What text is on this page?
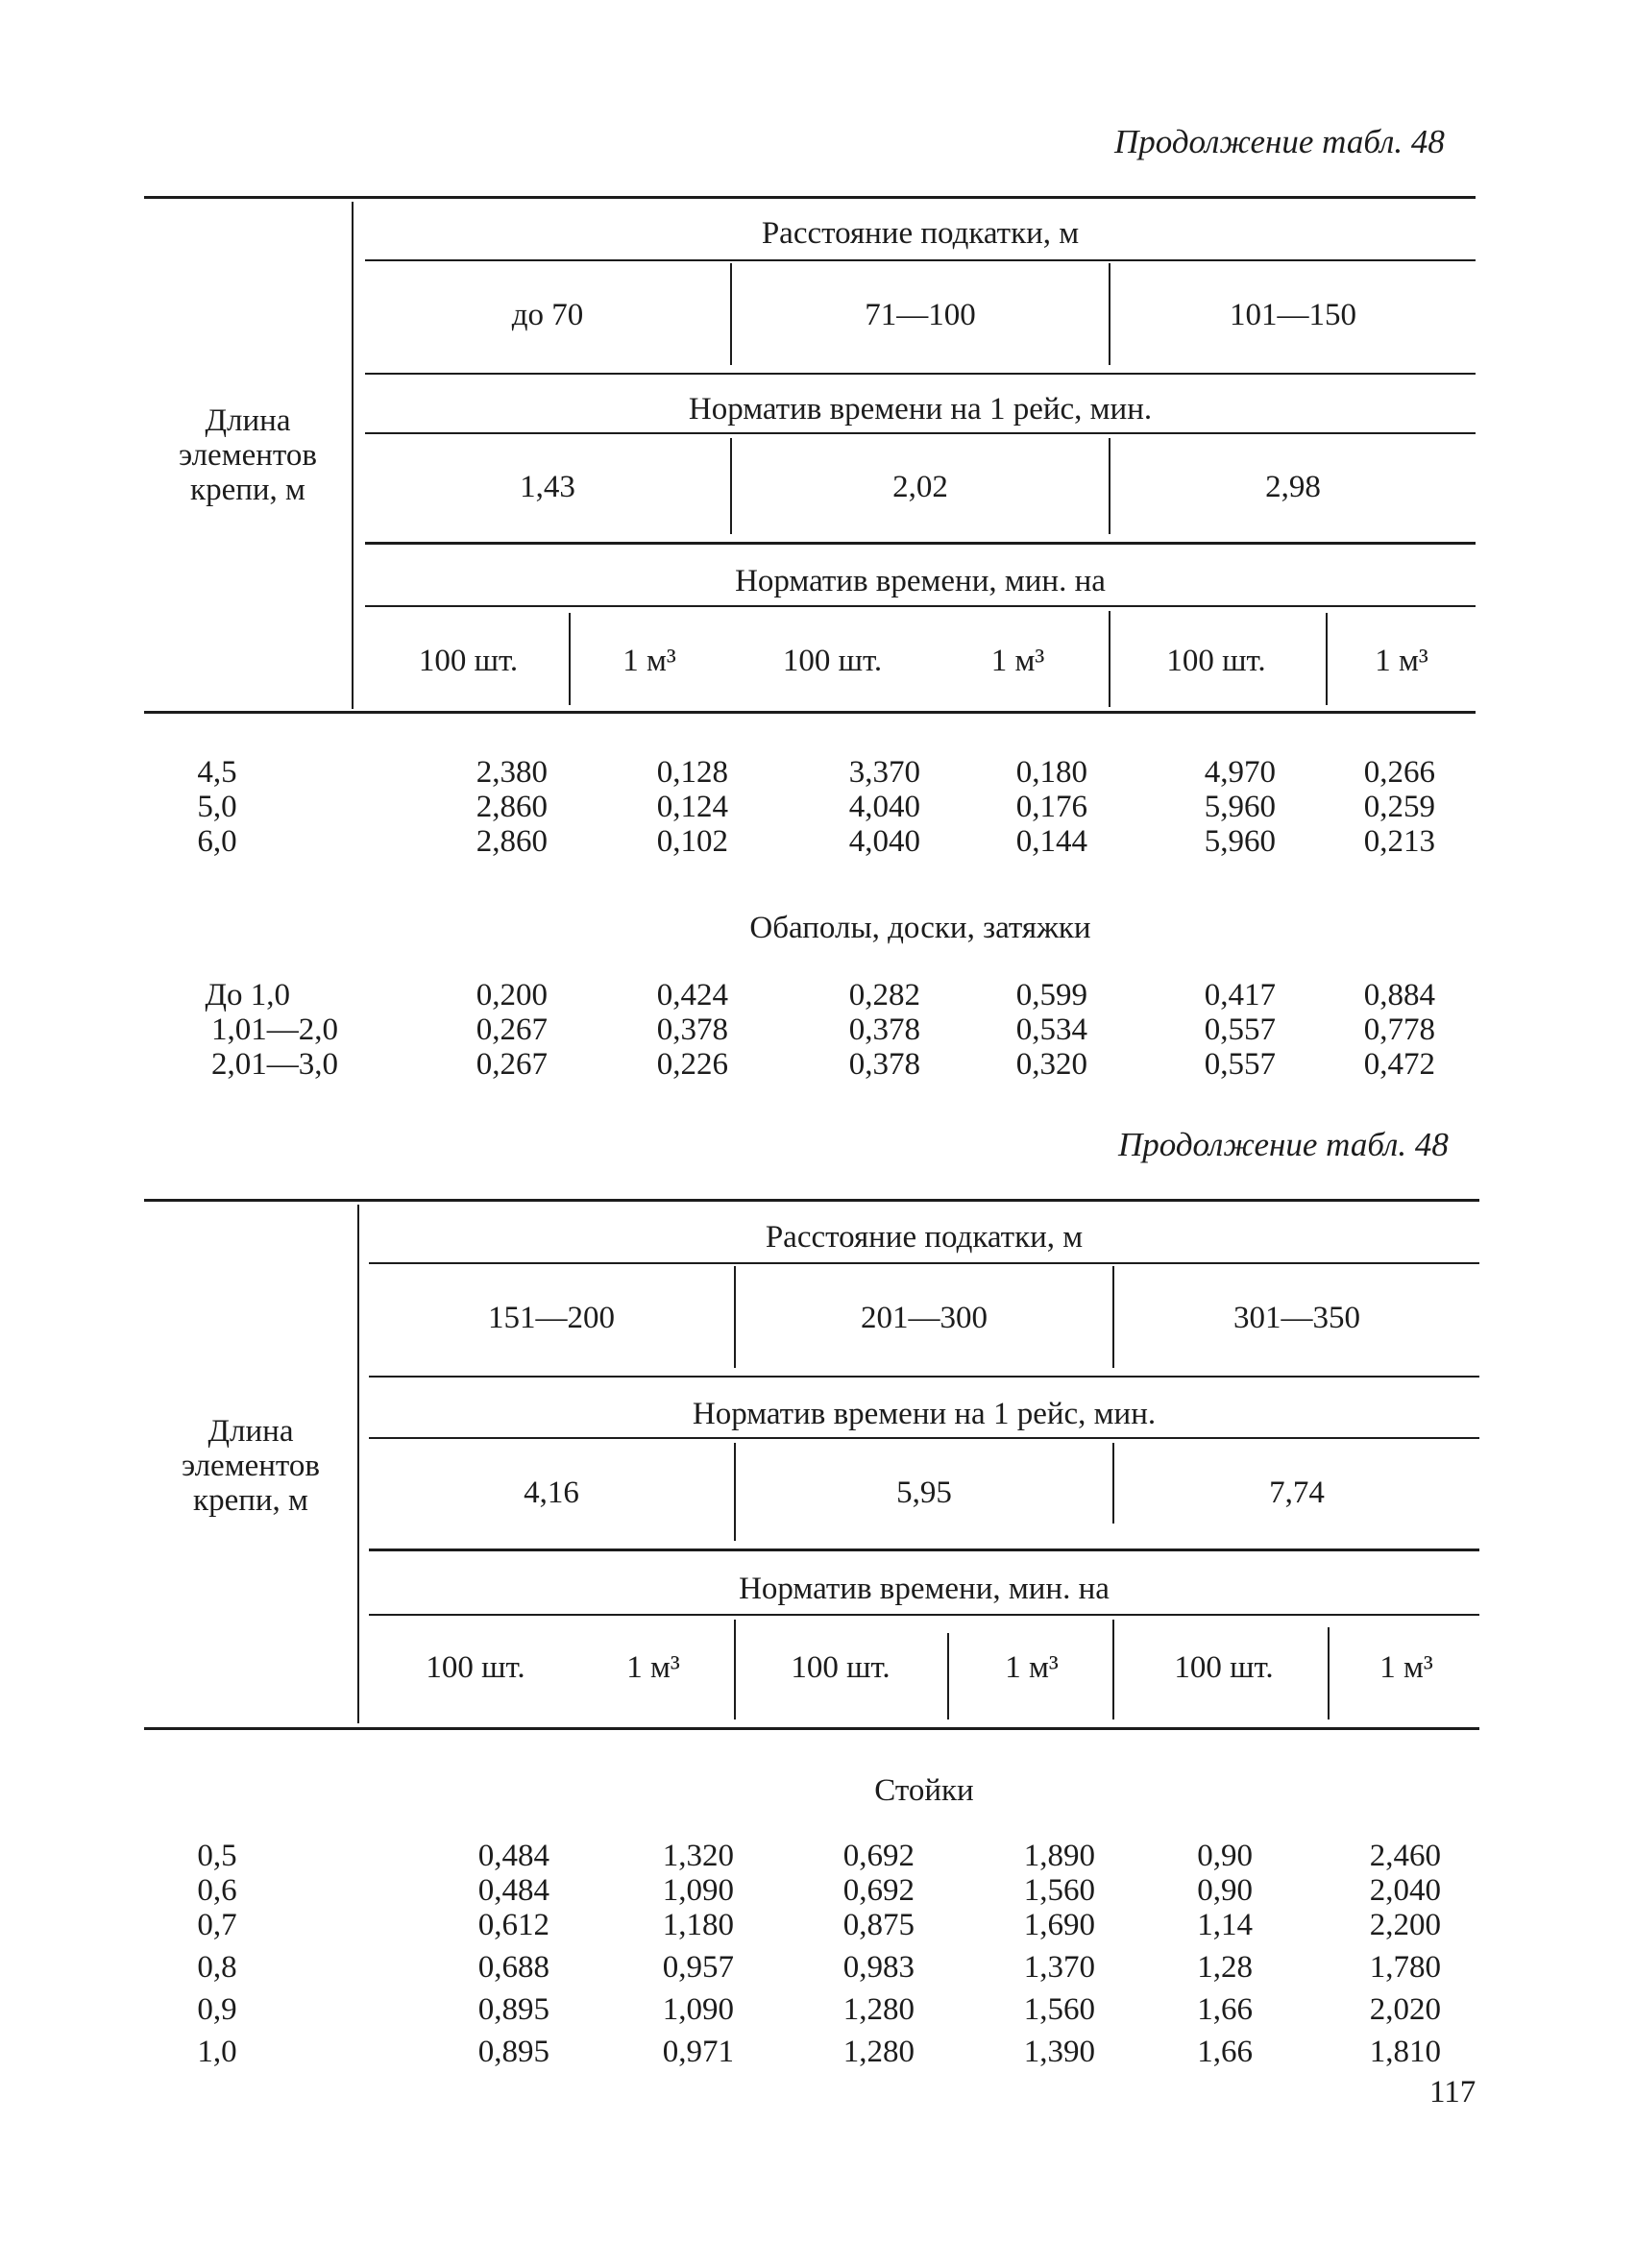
Продолжение табл. 48
Длина элементов крепи, м
Расстояние подкатки, м
до 70	71—100	101—150
Норматив времени на 1 рейс, мин.
1,43	2,02	2,98
Норматив времени, мин. на
100 шт.	1 м³	100 шт.	1 м³	100 шт.	1 м³
4,5	2,380	0,128	3,370	0,180	4,970	0,266
5,0	2,860	0,124	4,040	0,176	5,960	0,259
6,0	2,860	0,102	4,040	0,144	5,960	0,213
Обаполы, доски, затяжки
До 1,0	0,200	0,424	0,282	0,599	0,417	0,884
1,01—2,0	0,267	0,378	0,378	0,534	0,557	0,778
2,01—3,0	0,267	0,226	0,378	0,320	0,557	0,472
Продолжение табл. 48
Длина элементов крепи, м
Расстояние подкатки, м
151—200	201—300	301—350
Норматив времени на 1 рейс, мин.
4,16	5,95	7,74
Норматив времени, мин. на
100 шт.	1 м³	100 шт.	1 м³	100 шт.	1 м³
Стойки
0,5	0,484	1,320	0,692	1,890	0,90	2,460
0,6	0,484	1,090	0,692	1,560	0,90	2,040
0,7	0,612	1,180	0,875	1,690	1,14	2,200
0,8	0,688	0,957	0,983	1,370	1,28	1,780
0,9	0,895	1,090	1,280	1,560	1,66	2,020
1,0	0,895	0,971	1,280	1,390	1,66	1,810
117
